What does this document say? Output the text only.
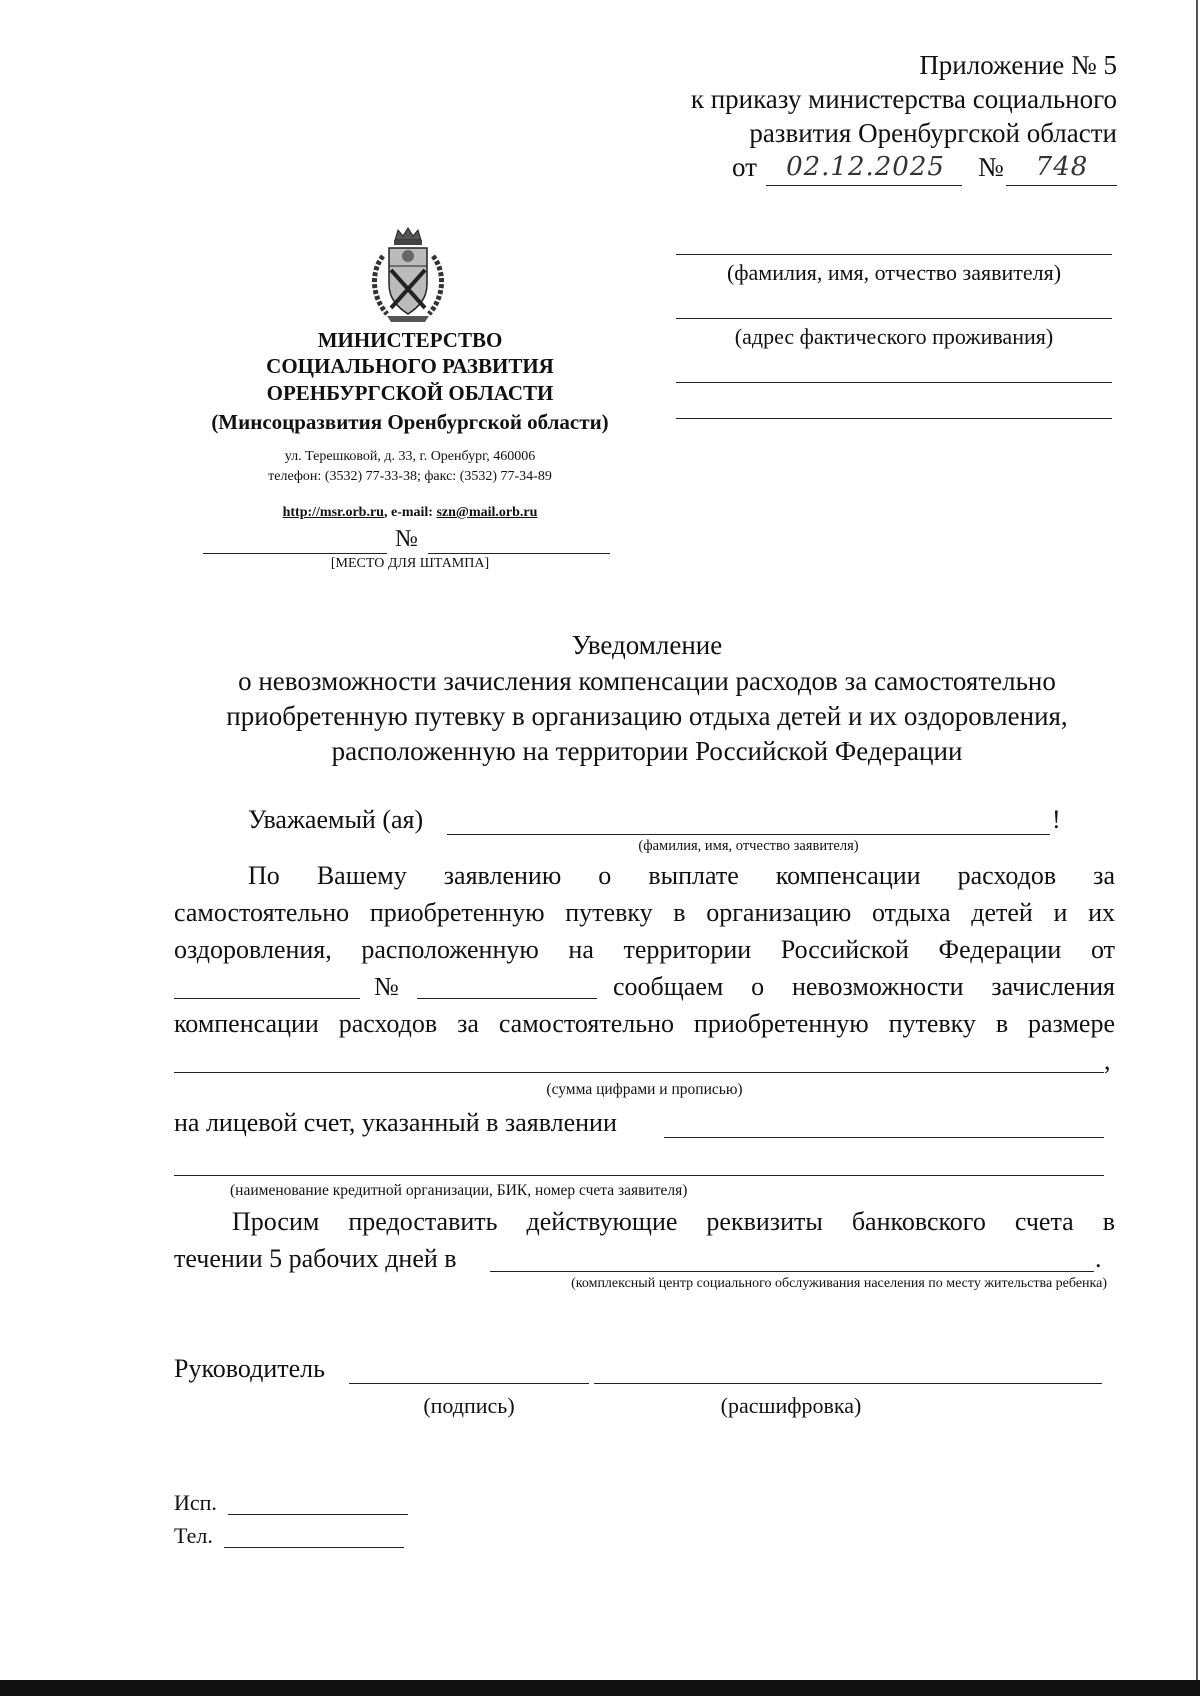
Приложение № 5
к приказу министерства социального
развития Оренбургской области
от	02.12.2025	№	748
(фамилия, имя, отчество заявителя)
(адрес фактического проживания)
МИНИСТЕРСТВО
СОЦИАЛЬНОГО РАЗВИТИЯ
ОРЕНБУРГСКОЙ ОБЛАСТИ
(Минсоцразвития Оренбургской области)
ул. Терешковой, д. 33, г. Оренбург, 460006
телефон: (3532) 77-33-38; факс: (3532) 77-34-89
http://msr.orb.ru, e-mail: szn@mail.orb.ru
№
[МЕСТО ДЛЯ ШТАМПА]
Уведомление
о невозможности зачисления компенсации расходов за самостоятельно
приобретенную путевку в организацию отдыха детей и их оздоровления,
расположенную на территории Российской Федерации
Уважаемый (ая)	!
(фамилия, имя, отчество заявителя)
По Вашему заявлению о выплате компенсации расходов за
самостоятельно приобретенную путевку в организацию отдыха детей и их
оздоровления, расположенную на территории Российской Федерации от
№	сообщаем о невозможности зачисления
компенсации расходов за самостоятельно приобретенную путевку в размере
,
(сумма цифрами и прописью)
на лицевой счет, указанный в заявлении
(наименование кредитной организации, БИК, номер счета заявителя)
Просим предоставить действующие реквизиты банковского счета в
течении 5 рабочих дней в	.
(комплексный центр социального обслуживания населения по месту жительства ребенка)
Руководитель
(подпись)	(расшифровка)
Исп.
Тел.
